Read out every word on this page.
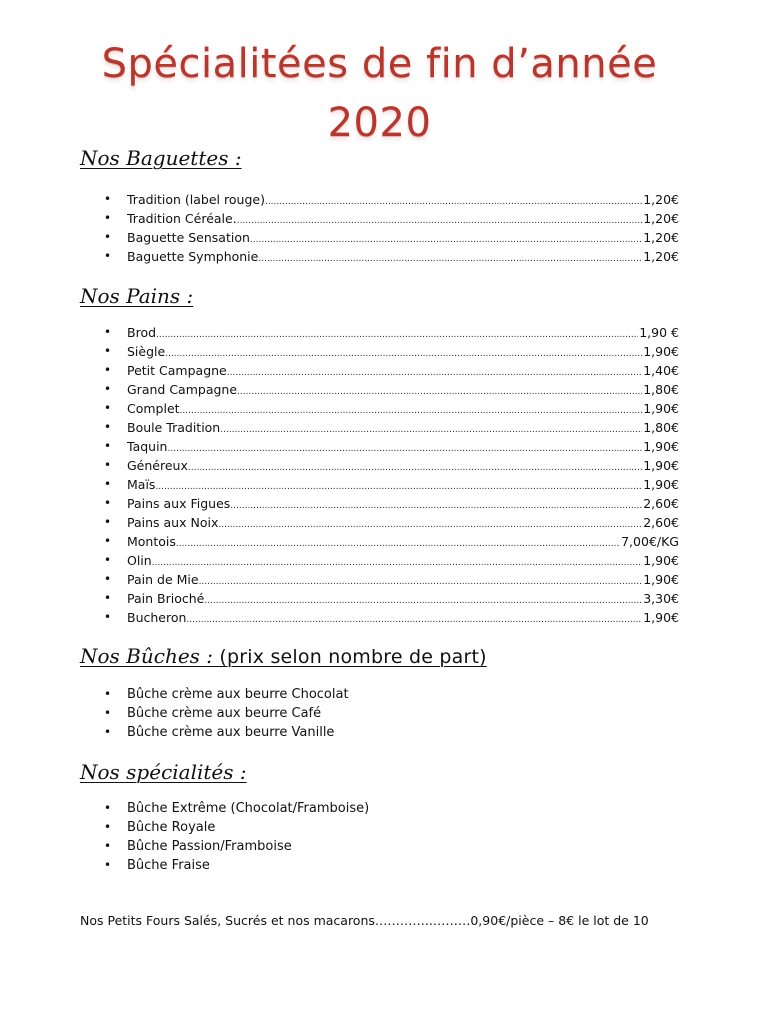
Spécialitées de fin d’année
2020
Nos Baguettes :
• Tradition (label rouge) .....	1,20€
• Tradition Céréale. .....	1,20€
• Baguette Sensation .....	1,20€
• Baguette Symphonie .....	1,20€
Nos Pains :
• Brod .....	1,90 €
• Siègle .....	1,90€
• Petit Campagne .....	1,40€
• Grand Campagne .....	1,80€
• Complet .....	1,90€
• Boule Tradition .....	1,80€
• Taquin .....	1,90€
• Généreux .....	1,90€
• Maïs .....	1,90€
• Pains aux Figues .....	2,60€
• Pains aux Noix .....	2,60€
• Montois .....	7,00€/KG
• Olin .....	1,90€
• Pain de Mie .....	1,90€
• Pain Brioché .....	3,30€
• Bucheron .....	1,90€
Nos Bûches : (prix selon nombre de part)
• Bûche crème aux beurre Chocolat
• Bûche crème aux beurre Café
• Bûche crème aux beurre Vanille
Nos spécialités :
• Bûche Extrême (Chocolat/Framboise)
• Bûche Royale
• Bûche Passion/Framboise
• Bûche Fraise
Nos Petits Fours Salés, Sucrés et nos macarons…………..………0,90€/pièce – 8€ le lot de 10
